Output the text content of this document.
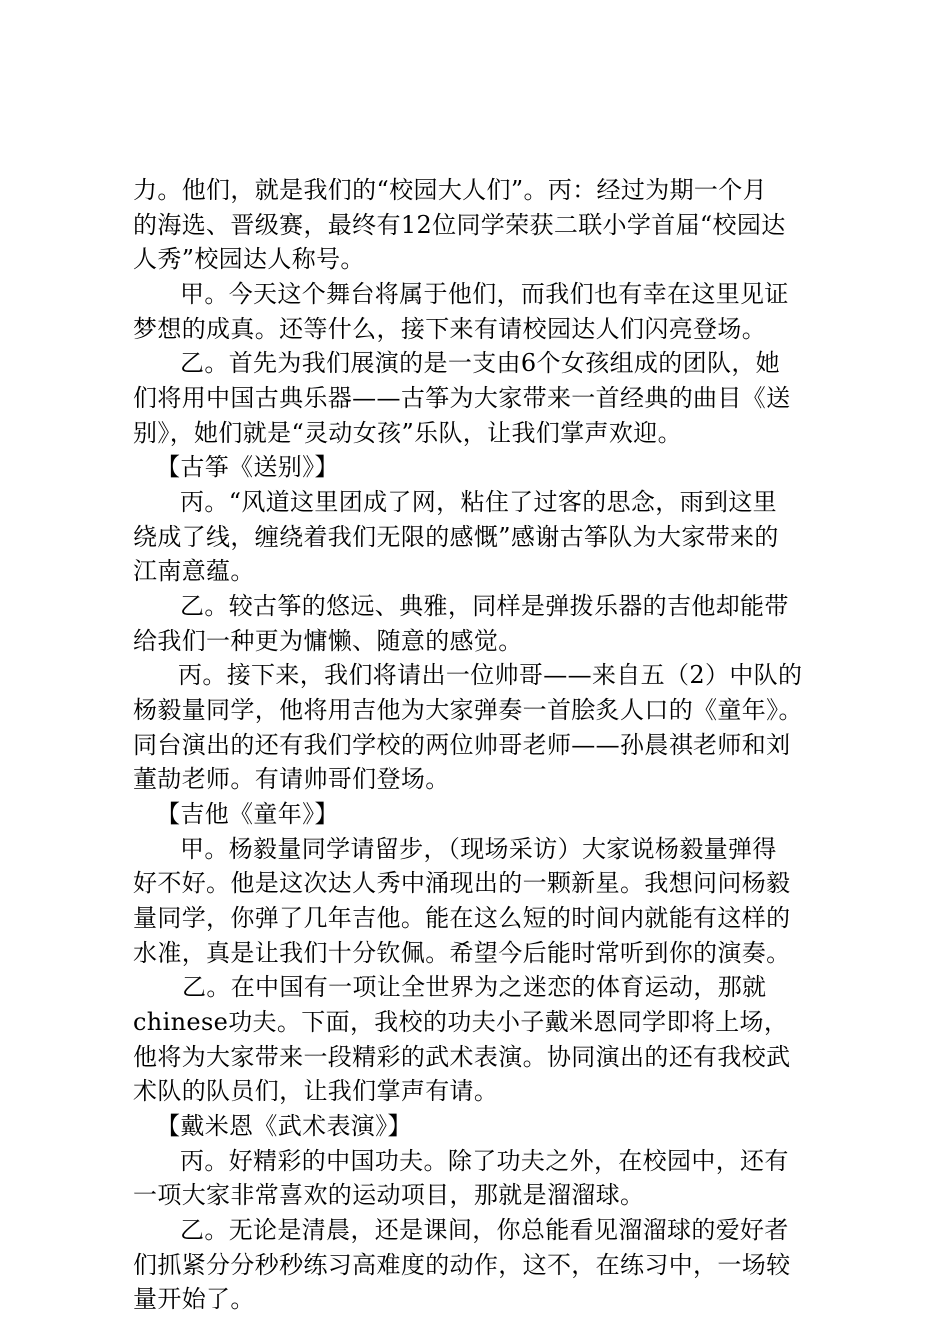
力。他们，就是我们的“校园大人们”。丙：经过为期一个月

的海选、晋级赛，最终有12位同学荣获二联小学首届“校园达

人秀”校园达人称号。

甲。今天这个舞台将属于他们，而我们也有幸在这里见证

梦想的成真。还等什么，接下来有请校园达人们闪亮登场。

乙。首先为我们展演的是一支由6个女孩组成的团队，她

们将用中国古典乐器——古筝为大家带来一首经典的曲目《送

别》，她们就是“灵动女孩”乐队，让我们掌声欢迎。

【古筝《送别》】

丙。“风道这里团成了网，粘住了过客的思念，雨到这里

绕成了线，缠绕着我们无限的感慨”感谢古筝队为大家带来的

江南意蕴。

乙。较古筝的悠远、典雅，同样是弹拨乐器的吉他却能带

给我们一种更为慵懒、随意的感觉。

丙。接下来，我们将请出一位帅哥——来自五（2）中队的

杨毅量同学，他将用吉他为大家弹奏一首脍炙人口的《童年》。

同台演出的还有我们学校的两位帅哥老师——孙晨祺老师和刘

董劼老师。有请帅哥们登场。

【吉他《童年》】

甲。杨毅量同学请留步，（现场采访）大家说杨毅量弹得

好不好。他是这次达人秀中涌现出的一颗新星。我想问问杨毅

量同学，你弹了几年吉他。能在这么短的时间内就能有这样的

水准，真是让我们十分钦佩。希望今后能时常听到你的演奏。

乙。在中国有一项让全世界为之迷恋的体育运动，那就

chinese功夫。下面，我校的功夫小子戴米恩同学即将上场，

他将为大家带来一段精彩的武术表演。协同演出的还有我校武

术队的队员们，让我们掌声有请。

【戴米恩《武术表演》】

丙。好精彩的中国功夫。除了功夫之外，在校园中，还有

一项大家非常喜欢的运动项目，那就是溜溜球。

乙。无论是清晨，还是课间，你总能看见溜溜球的爱好者

们抓紧分分秒秒练习高难度的动作，这不，在练习中，一场较

量开始了。
